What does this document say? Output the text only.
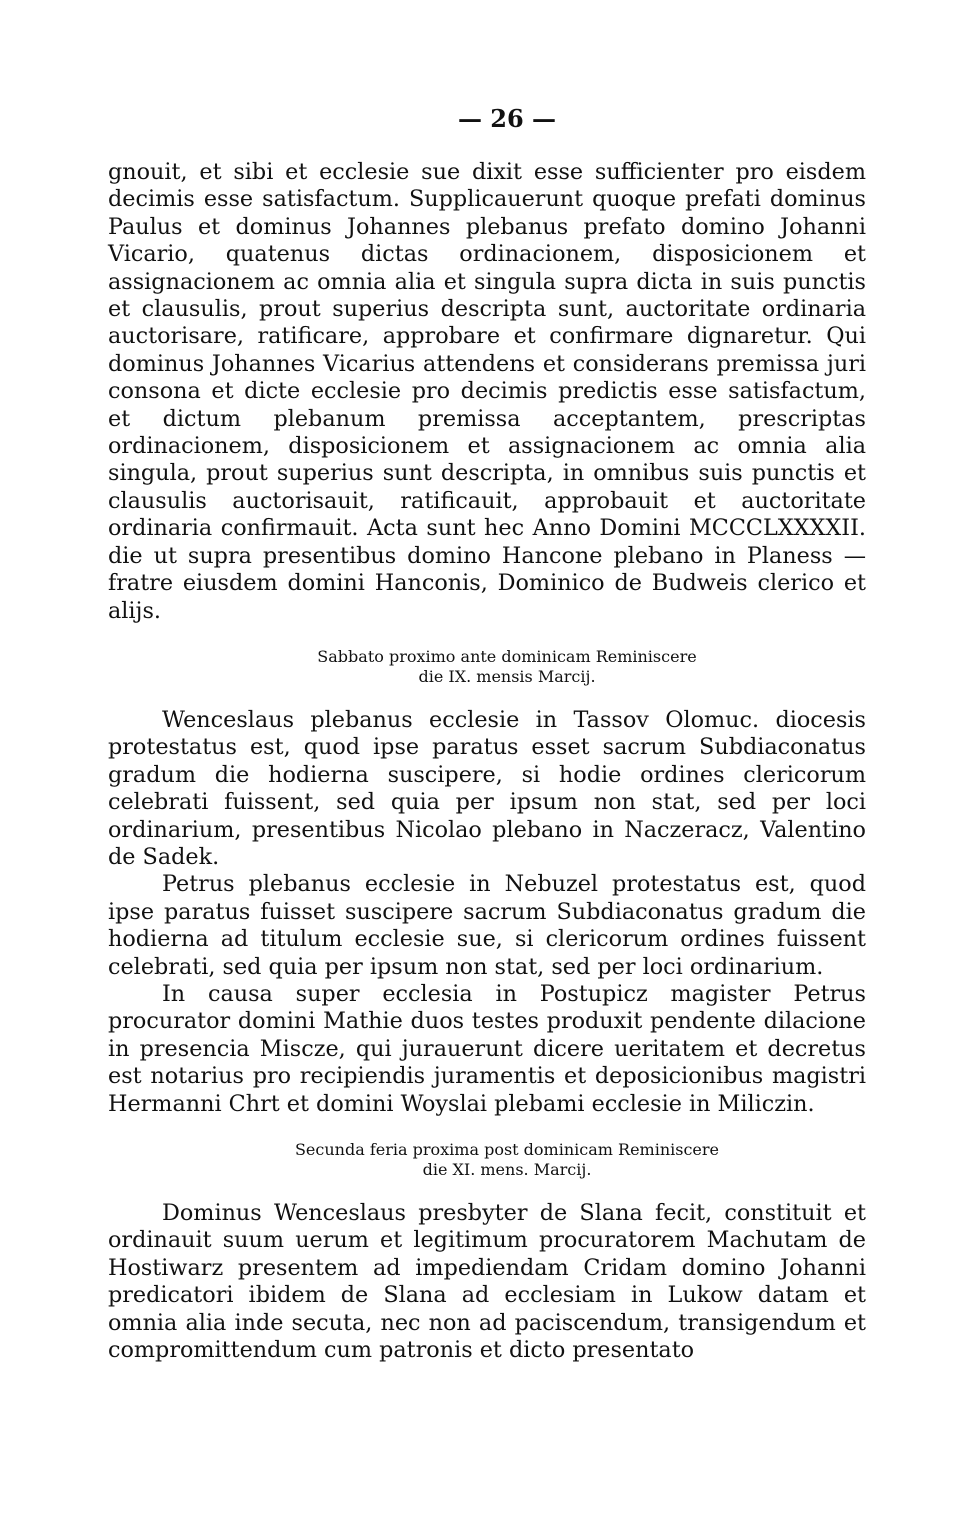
— 26 —

gnouit, et sibi et ecclesie sue dixit esse sufficienter pro eisdem decimis esse satisfactum. Supplicauerunt quoque prefati dominus Paulus et dominus Johannes plebanus prefato domino Johanni Vicario, quatenus dictas ordinacionem, disposicionem et assignacionem ac omnia alia et singula supra dicta in suis punctis et clausulis, prout superius descripta sunt, auctoritate ordinaria auctorisare, ratificare, approbare et confirmare dignaretur. Qui dominus Johannes Vicarius attendens et considerans premissa juri consona et dicte ecclesie pro decimis predictis esse satisfactum, et dictum plebanum premissa acceptantem, prescriptas ordinacionem, disposicionem et assignacionem ac omnia alia singula, prout superius sunt descripta, in omnibus suis punctis et clausulis auctorisauit, ratificauit, approbauit et auctoritate ordinaria confirmauit. Acta sunt hec Anno Domini MCCCLXXXXII. die ut supra presentibus domino Hancone plebano in Planess — fratre eiusdem domini Hanconis, Dominico de Budweis clerico et alijs.

Sabbato proximo ante dominicam Reminiscere
die IX. mensis Marcij.

Wenceslaus plebanus ecclesie in Tassov Olomuc. diocesis protestatus est, quod ipse paratus esset sacrum Subdiaconatus gradum die hodierna suscipere, si hodie ordines clericorum celebrati fuissent, sed quia per ipsum non stat, sed per loci ordinarium, presentibus Nicolao plebano in Naczeracz, Valentino de Sadek.

Petrus plebanus ecclesie in Nebuzel protestatus est, quod ipse paratus fuisset suscipere sacrum Subdiaconatus gradum die hodierna ad titulum ecclesie sue, si clericorum ordines fuissent celebrati, sed quia per ipsum non stat, sed per loci ordinarium.

In causa super ecclesia in Postupicz magister Petrus procurator domini Mathie duos testes produxit pendente dilacione in presencia Miscze, qui jurauerunt dicere ueritatem et decretus est notarius pro recipiendis juramentis et deposicionibus magistri Hermanni Chrt et domini Woyslai plebami ecclesie in Miliczin.

Secunda feria proxima post dominicam Reminiscere
die XI. mens. Marcij.

Dominus Wenceslaus presbyter de Slana fecit, constituit et ordinauit suum uerum et legitimum procuratorem Machutam de Hostiwarz presentem ad impediendam Cridam domino Johanni predicatori ibidem de Slana ad ecclesiam in Lukow datam et omnia alia inde secuta, nec non ad paciscendum, transigendum et compromittendum cum patronis et dicto presentato
